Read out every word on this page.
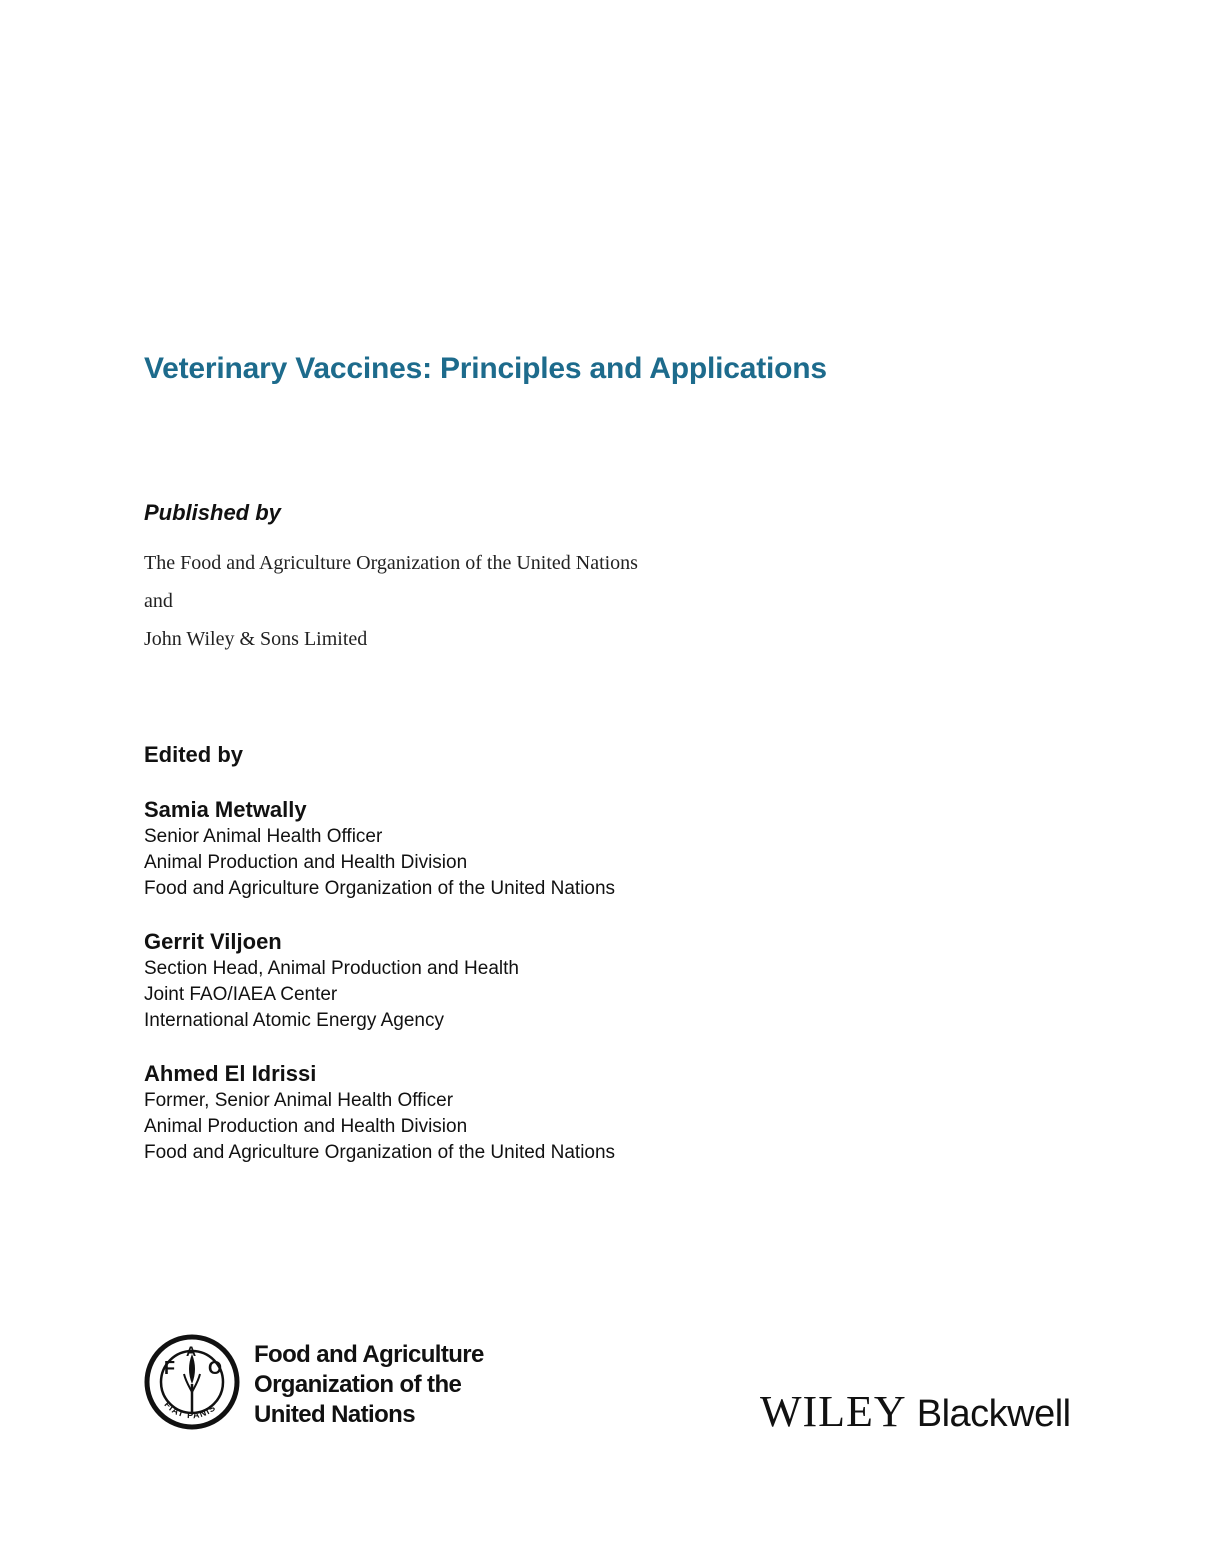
Veterinary Vaccines: Principles and Applications
Published by
The Food and Agriculture Organization of the United Nations
and
John Wiley & Sons Limited
Edited by
Samia Metwally
Senior Animal Health Officer
Animal Production and Health Division
Food and Agriculture Organization of the United Nations
Gerrit Viljoen
Section Head, Animal Production and Health
Joint FAO/IAEA Center
International Atomic Energy Agency
Ahmed El Idrissi
Former, Senior Animal Health Officer
Animal Production and Health Division
Food and Agriculture Organization of the United Nations
F
A
O
FIAT PANIS
Food and Agriculture
Organization of the
United Nations	WILEY Blackwell
